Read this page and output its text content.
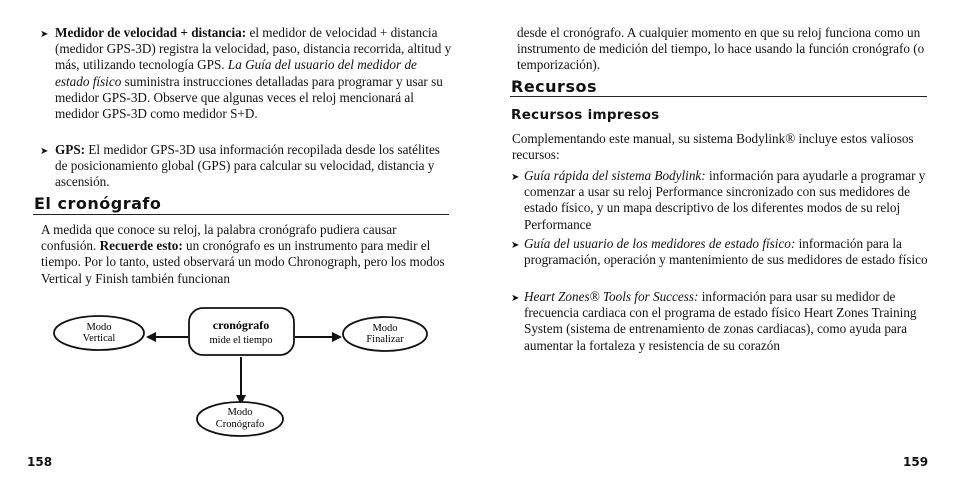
➤ Medidor de velocidad + distancia: el medidor de velocidad + distancia (medidor GPS-3D) registra la velocidad, paso, distancia recorrida, altitud y más, utilizando tecnología GPS. La Guía del usuario del medidor de estado físico suministra instrucciones detalladas para programar y usar su medidor GPS-3D. Observe que algunas veces el reloj mencionará al medidor GPS-3D como medidor S+D.
➤ GPS: El medidor GPS-3D usa información recopilada desde los satélites de posicionamiento global (GPS) para calcular su velocidad, distancia y ascensión.
El cronógrafo
A medida que conoce su reloj, la palabra cronógrafo pudiera causar confusión. Recuerde esto: un cronógrafo es un instrumento para medir el tiempo. Por lo tanto, usted observará un modo Chronograph, pero los modos Vertical y Finish también funcionan
Modo
Vertical
cronógrafo
mide el tiempo
Modo
Finalizar
Modo
Cronógrafo
158
desde el cronógrafo. A cualquier momento en que su reloj funciona como un instrumento de medición del tiempo, lo hace usando la función cronógrafo (o temporización).
Recursos
Recursos impresos
Complementando este manual, su sistema Bodylink® incluye estos valiosos recursos:
➤ Guía rápida del sistema Bodylink: información para ayudarle a programar y comenzar a usar su reloj Performance sincronizado con sus medidores de estado físico, y un mapa descriptivo de los diferentes modos de su reloj Performance
➤ Guía del usuario de los medidores de estado físico: información para la programación, operación y mantenimiento de sus medidores de estado físico
➤ Heart Zones® Tools for Success: información para usar su medidor de frecuencia cardiaca con el programa de estado físico Heart Zones Training System (sistema de entrenamiento de zonas cardiacas), como ayuda para aumentar la fortaleza y resistencia de su corazón
159
